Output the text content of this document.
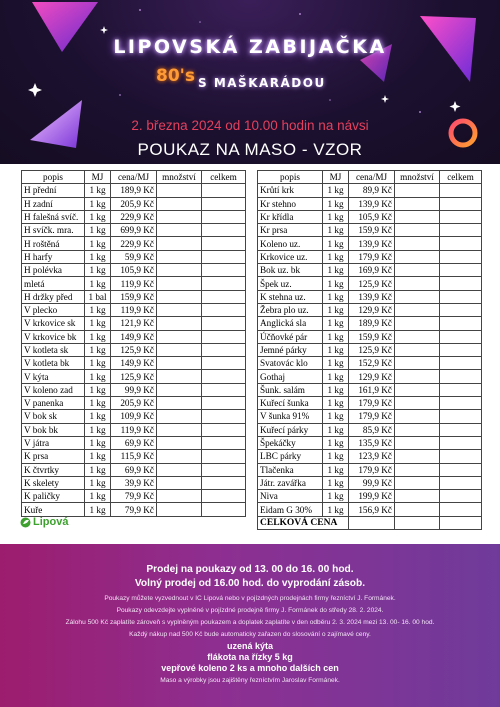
LIPOVSKÁ ZABIJAČKA
80's S MAŠKARÁDOU
2. března 2024 od 10.00 hodin na návsi
POUKAZ NA MASO - VZOR
popis	MJ	cena/MJ	množství	celkem
H přední	1 kg	189,9 Kč		
H zadní	1 kg	205,9 Kč		
H falešná svíč.	1 kg	229,9 Kč		
H svíčk. mra.	1 kg	699,9 Kč		
H roštěná	1 kg	229,9 Kč		
H harfy	1 kg	59,9 Kč		
H polévka	1 kg	105,9 Kč		
mletá	1 kg	119,9 Kč		
H držky před	1 bal	159,9 Kč		
V plecko	1 kg	119,9 Kč		
V krkovice sk	1 kg	121,9 Kč		
V krkovice bk	1 kg	149,9 Kč		
V kotleta sk	1 kg	125,9 Kč		
V kotleta bk	1 kg	149,9 Kč		
V kýta	1 kg	125,9 Kč		
V koleno zad	1 kg	99,9 Kč		
V panenka	1 kg	205,9 Kč		
V bok sk	1 kg	109,9 Kč		
V bok bk	1 kg	119,9 Kč		
V játra	1 kg	69,9 Kč		
K prsa	1 kg	115,9 Kč		
K čtvrtky	1 kg	69,9 Kč		
K skelety	1 kg	39,9 Kč		
K paličky	1 kg	79,9 Kč		
Kuře	1 kg	79,9 Kč		
popis	MJ	cena/MJ	množství	celkem
Krůtí krk	1 kg	89,9 Kč		
Kr stehno	1 kg	139,9 Kč		
Kr křídla	1 kg	105,9 Kč		
Kr prsa	1 kg	159,9 Kč		
Koleno uz.	1 kg	139,9 Kč		
Krkovice uz.	1 kg	179,9 Kč		
Bok uz. bk	1 kg	169,9 Kč		
Špek uz.	1 kg	125,9 Kč		
K stehna uz.	1 kg	139,9 Kč		
Žebra plo uz.	1 kg	129,9 Kč		
Anglická sla	1 kg	189,9 Kč		
Účňovké pár	1 kg	159,9 Kč		
Jemné párky	1 kg	125,9 Kč		
Svatovác klo	1 kg	152,9 Kč		
Gothaj	1 kg	129,9 Kč		
Šunk. salám	1 kg	161,9 Kč		
Kuřecí šunka	1 kg	179,9 Kč		
V šunka 91%	1 kg	179,9 Kč		
Kuřecí párky	1 kg	85,9 Kč		
Špekáčky	1 kg	135,9 Kč		
LBC párky	1 kg	123,9 Kč		
Tlačenka	1 kg	179,9 Kč		
Játr. zavářka	1 kg	99,9 Kč		
Niva	1 kg	199,9 Kč		
Eidam G 30%	1 kg	156,9 Kč		
CELKOVÁ CENA				
Lipová
Prodej na poukazy od 13. 00 do 16. 00 hod.
Volný prodej od 16.00 hod. do vyprodání zásob.
Poukazy můžete vyzvednout v IC Lipová nebo v pojízdných prodejnách firmy řezníctví J. Formánek.
Poukazy odevzdejte vyplněné v pojízdné prodejně firmy J. Formánek do středy 28. 2. 2024.
Zálohu 500 Kč zaplatíte zároveň s vyplněným poukazem a doplatek zaplatíte v den odběru 2. 3. 2024 mezi 13. 00- 16. 00 hod.
Každý nákup nad 500 Kč bude automaticky zařazen do slosování o zajímavé ceny.
uzená kýta
flákota na řízky 5 kg
vepřové koleno 2 ks a mnoho dalších cen
Maso a výrobky jsou zajištěny řezníctvím Jaroslav Formánek.
